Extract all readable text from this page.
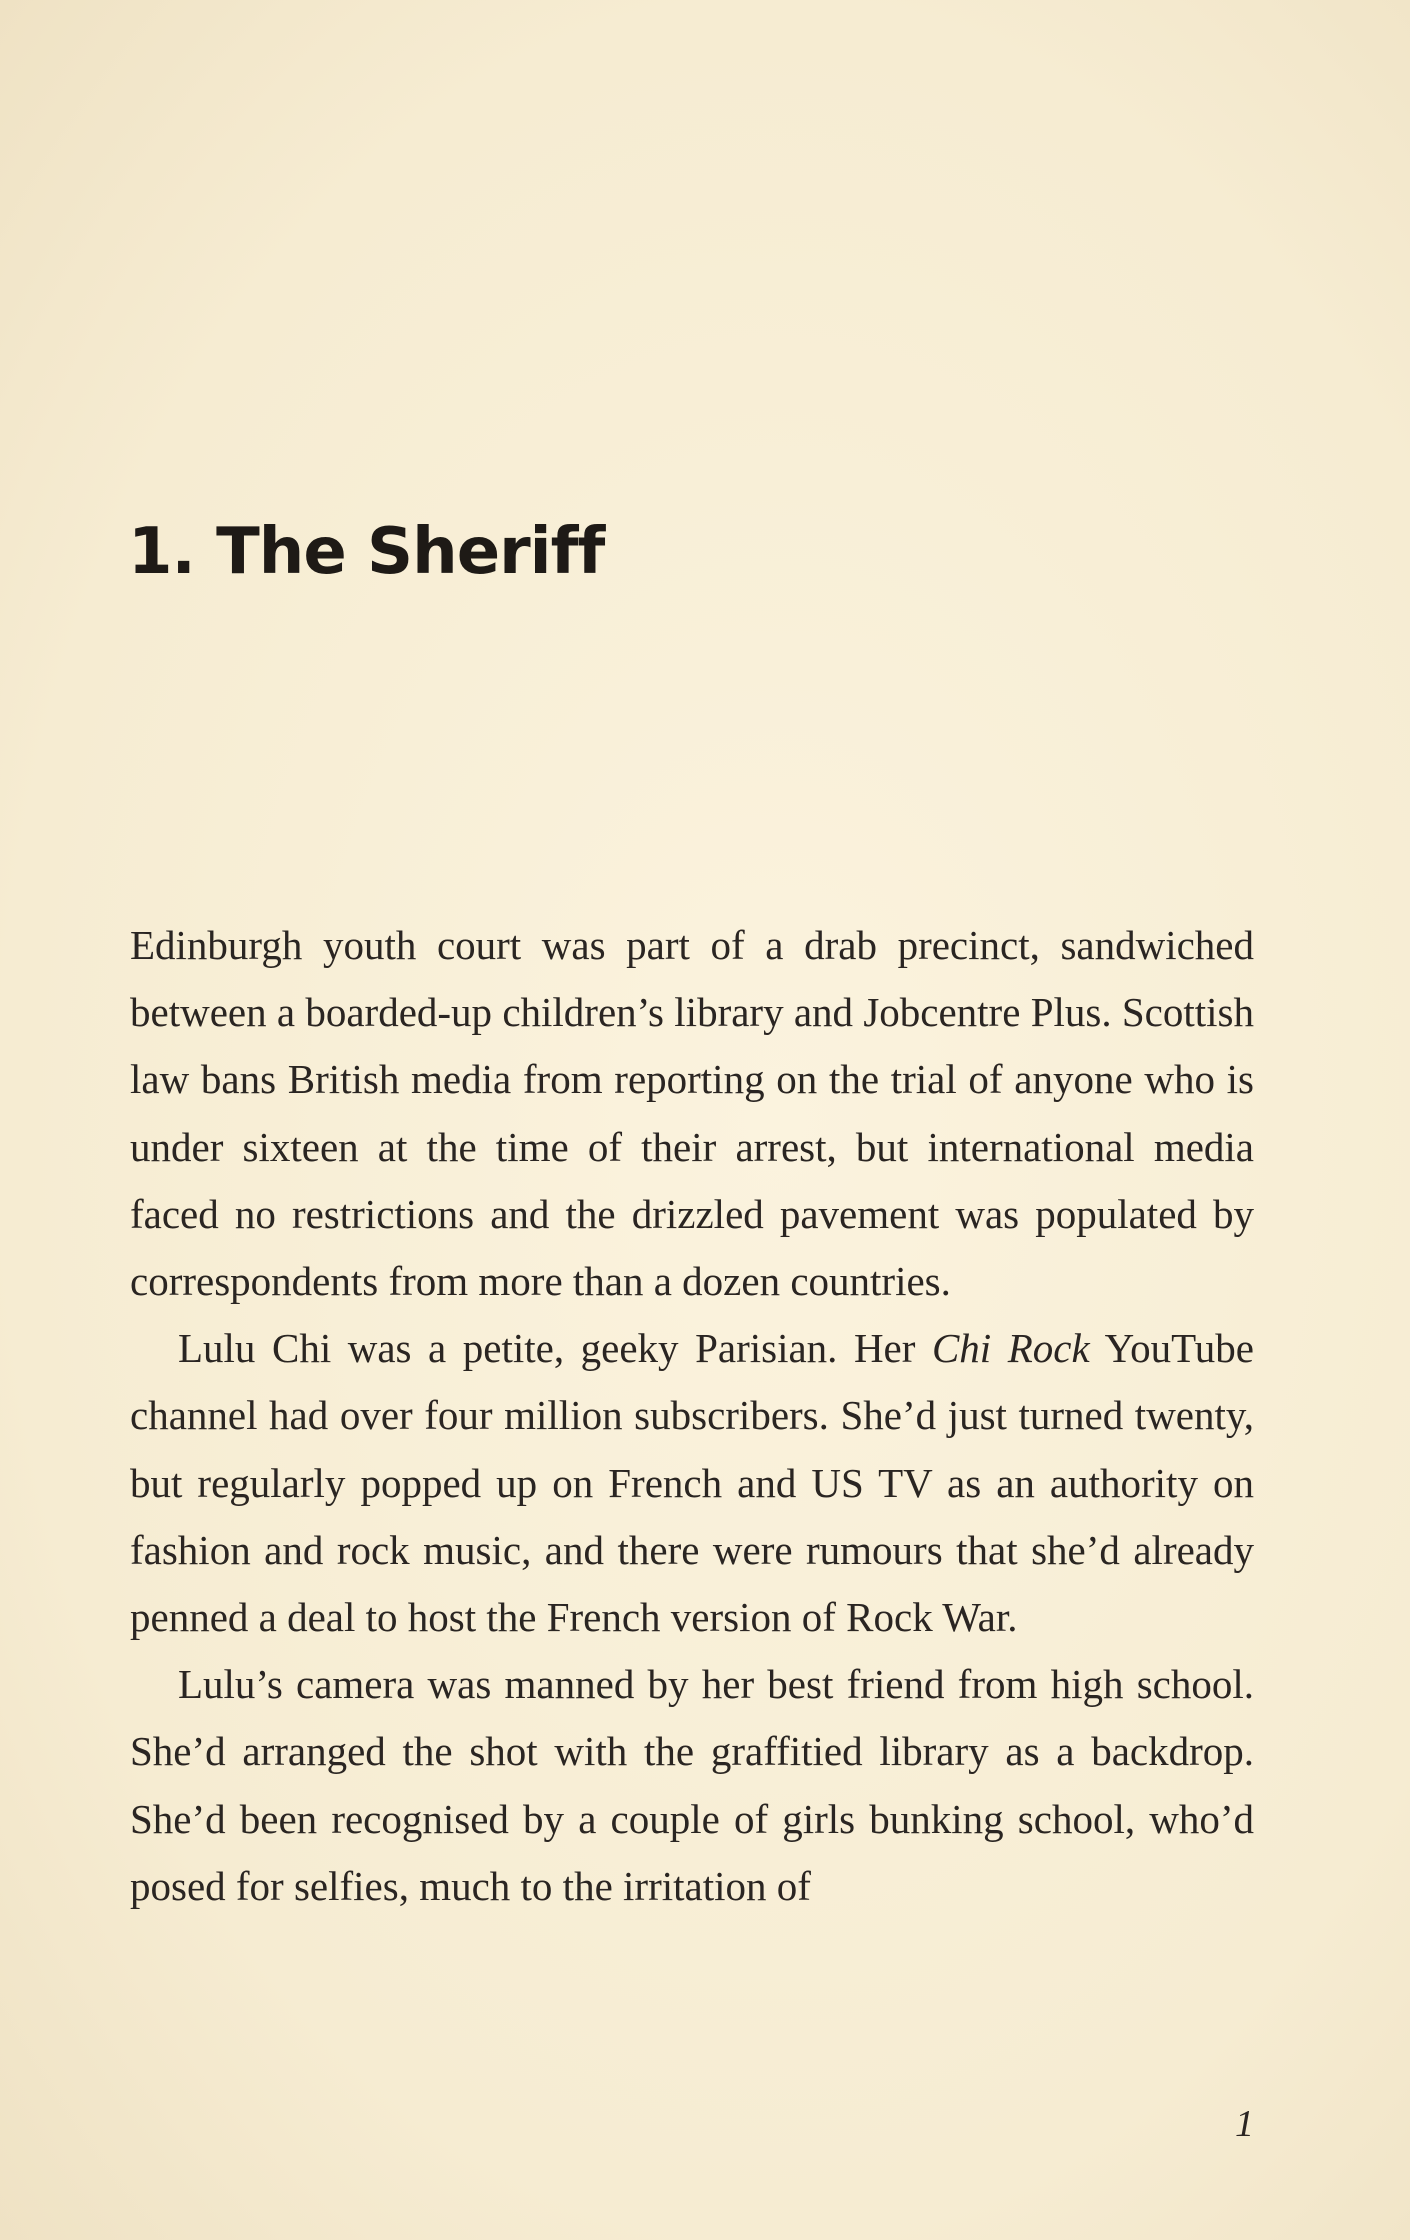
1. The Sheriff

Edinburgh youth court was part of a drab precinct, sandwiched between a boarded-up children’s library and Jobcentre Plus. Scottish law bans British media from reporting on the trial of anyone who is under sixteen at the time of their arrest, but international media faced no restrictions and the drizzled pavement was populated by correspondents from more than a dozen countries.

Lulu Chi was a petite, geeky Parisian. Her Chi Rock YouTube channel had over four million subscribers. She’d just turned twenty, but regularly popped up on French and US TV as an authority on fashion and rock music, and there were rumours that she’d already penned a deal to host the French version of Rock War.

Lulu’s camera was manned by her best friend from high school. She’d arranged the shot with the graffitied library as a backdrop. She’d been recognised by a couple of girls bunking school, who’d posed for selfies, much to the irritation of

1
